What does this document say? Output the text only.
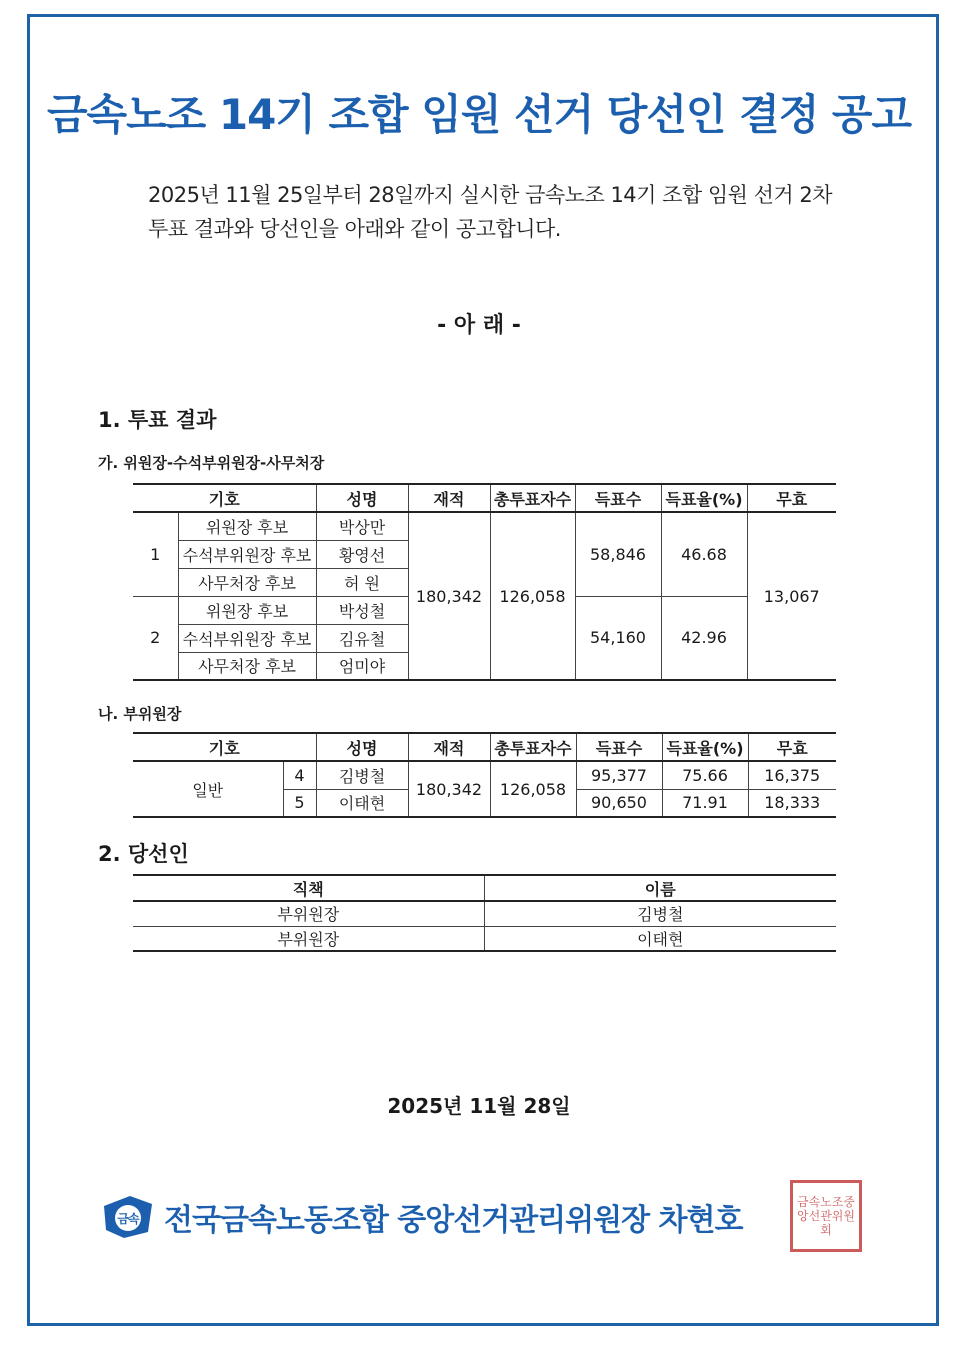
금속노조 14기 조합 임원 선거 당선인 결정 공고
2025년 11월 25일부터 28일까지 실시한 금속노조 14기 조합 임원 선거 2차
투표 결과와 당선인을 아래와 같이 공고합니다.
- 아 래 -
1. 투표 결과
가. 위원장-수석부위원장-사무처장
기호		성명	재적	총투표자수	득표수	득표율(%)	무효
1	위원장 후보	박상만	180,342	126,058	58,846	46.68	13,067
	수석부위원장 후보	황영선					
	사무처장 후보	허 원					
2	위원장 후보	박성철			54,160	42.96	
	수석부위원장 후보	김유철					
	사무처장 후보	엄미야					
나. 부위원장
기호		성명	재적	총투표자수	득표수	득표율(%)	무효
일반	4	김병철	180,342	126,058	95,377	75.66	16,375
	5	이태현			90,650	71.91	18,333
2. 당선인
직책	이름
부위원장	김병철
부위원장	이태현
2025년 11월 28일
금속 전국금속노동조합 중앙선거관리위원장 차현호
금속노조중앙선관위원회
